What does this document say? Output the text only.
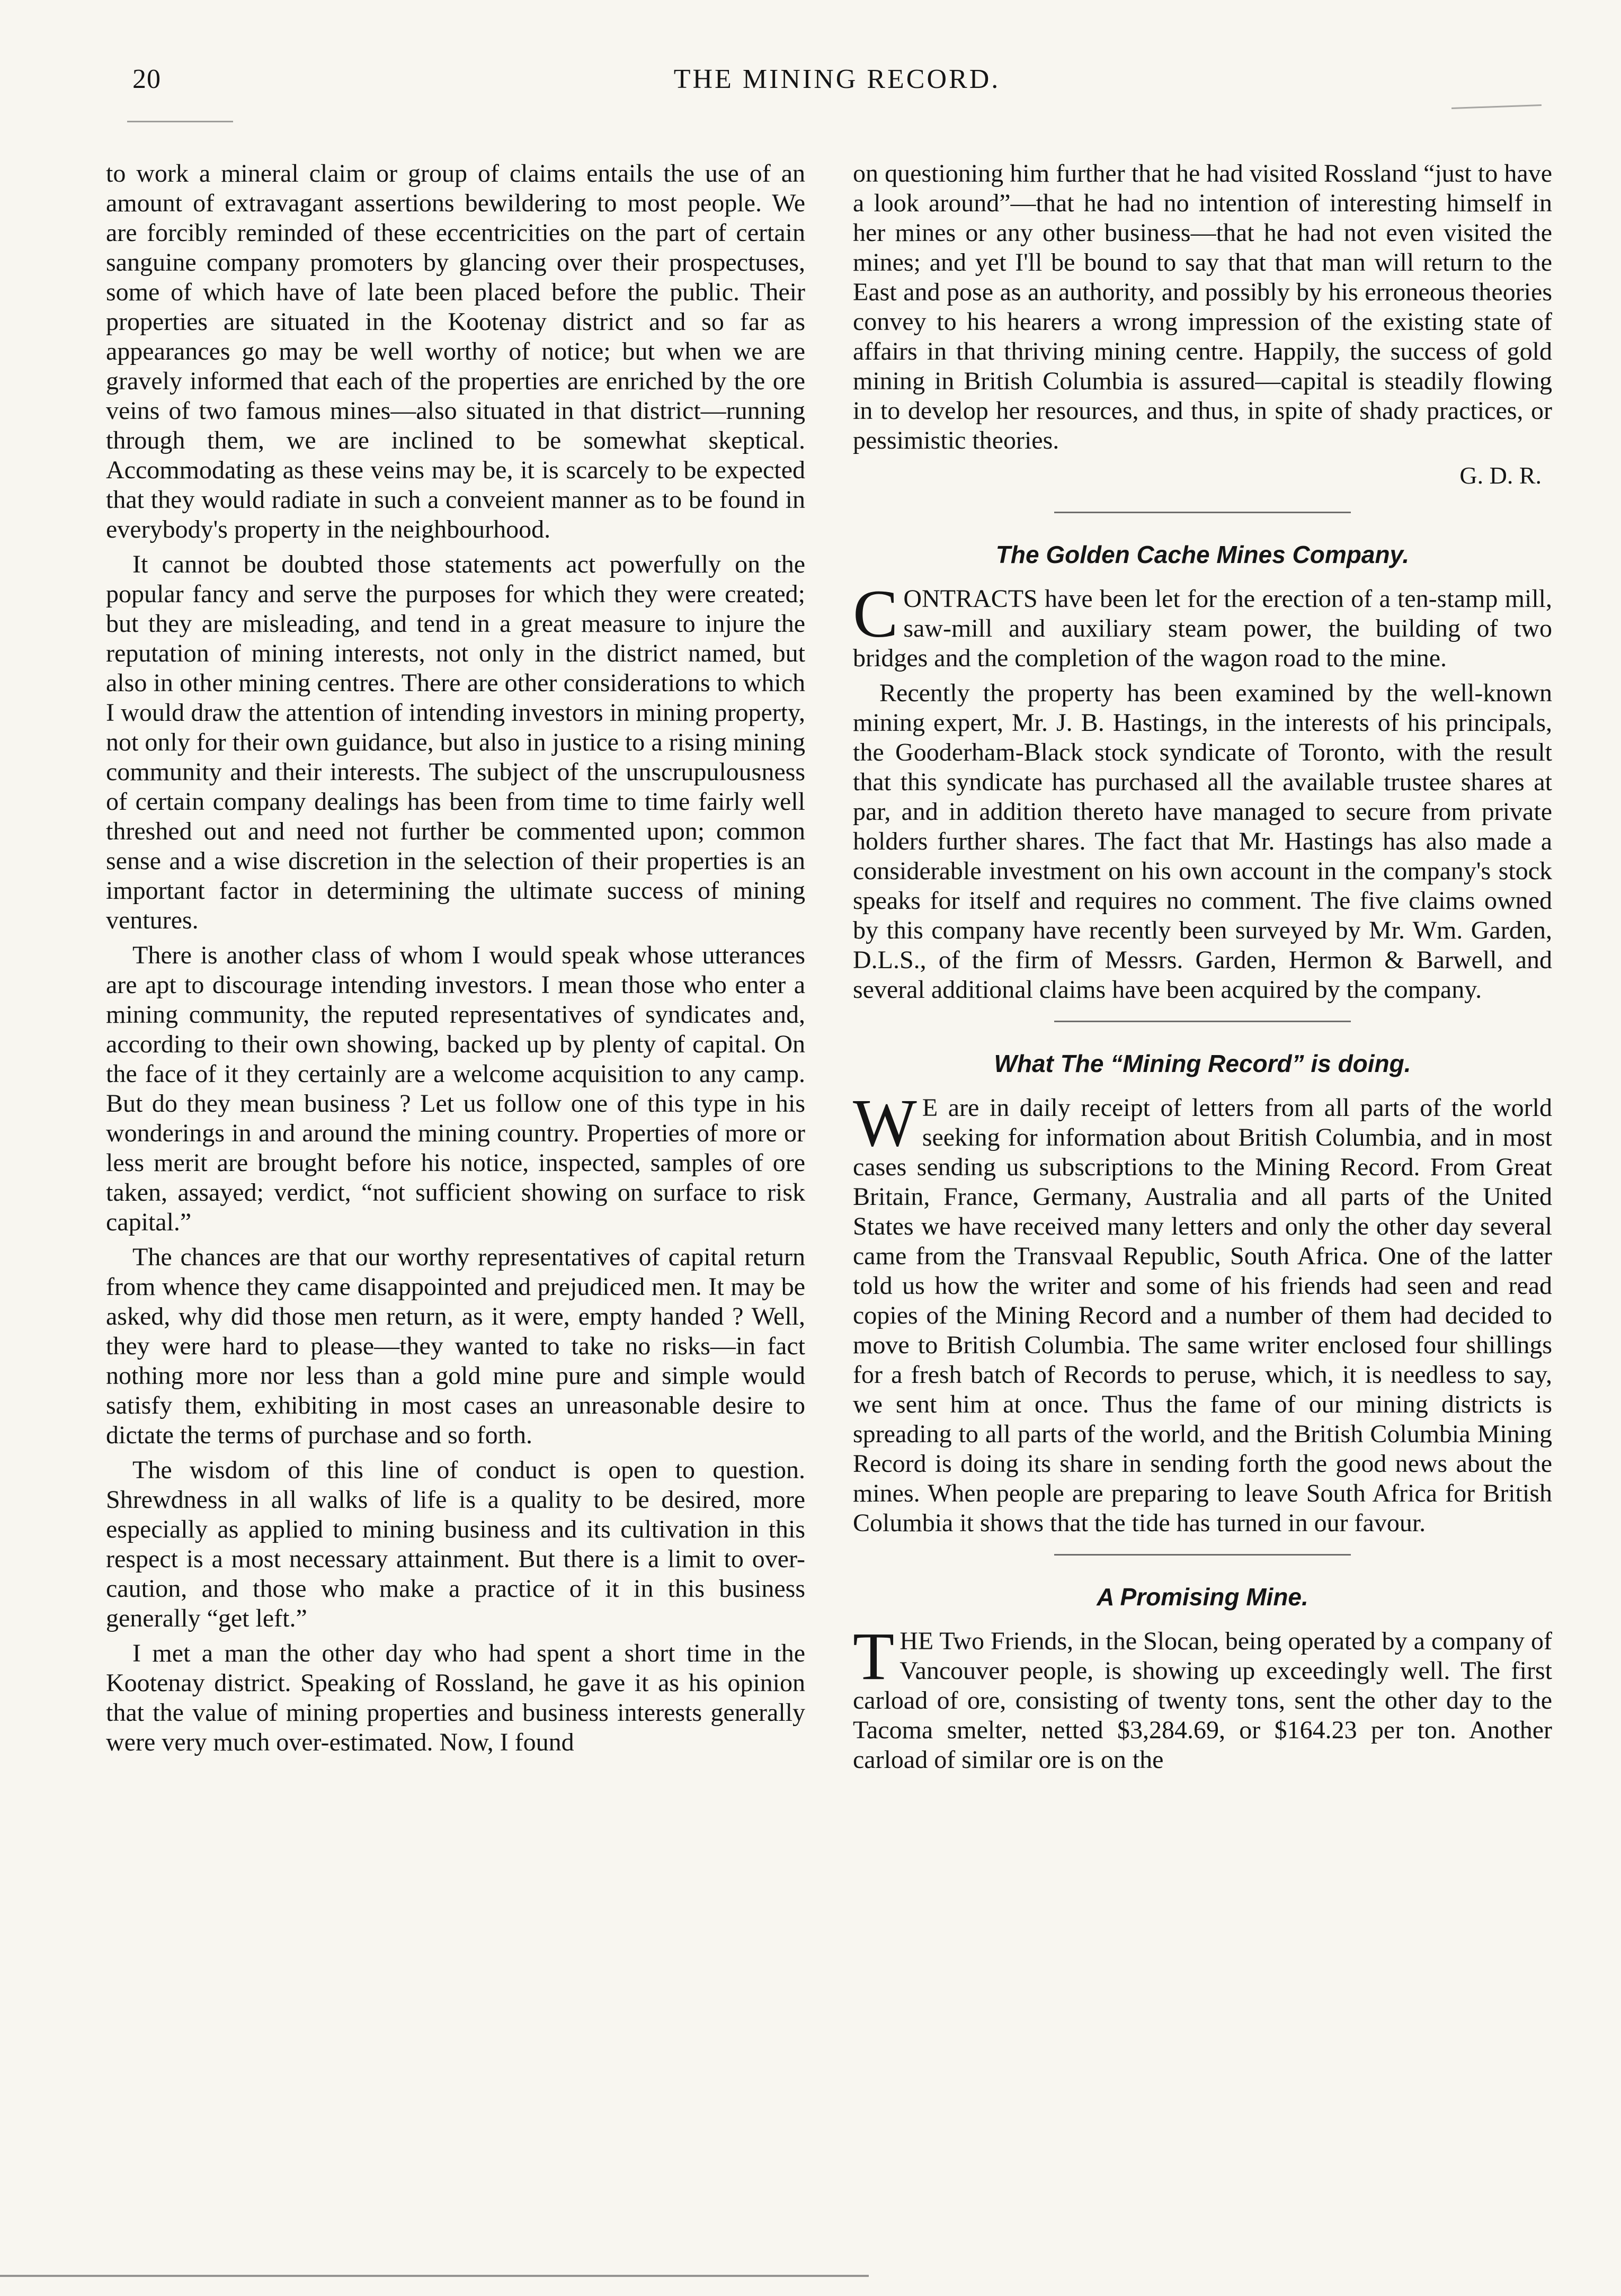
20	THE MINING RECORD.

to work a mineral claim or group of claims entails the use of an amount of extravagant assertions bewildering to most people. We are forcibly reminded of these eccentricities on the part of certain sanguine company promoters by glancing over their prospectuses, some of which have of late been placed before the public. Their properties are situated in the Kootenay district and so far as appearances go may be well worthy of notice; but when we are gravely informed that each of the properties are enriched by the ore veins of two famous mines—also situated in that district—running through them, we are inclined to be somewhat skeptical. Accommodating as these veins may be, it is scarcely to be expected that they would radiate in such a conveient manner as to be found in everybody's property in the neighbourhood.

It cannot be doubted those statements act powerfully on the popular fancy and serve the purposes for which they were created; but they are misleading, and tend in a great measure to injure the reputation of mining interests, not only in the district named, but also in other mining centres. There are other considerations to which I would draw the attention of intending investors in mining property, not only for their own guidance, but also in justice to a rising mining community and their interests. The subject of the unscrupulousness of certain company dealings has been from time to time fairly well threshed out and need not further be commented upon; common sense and a wise discretion in the selection of their properties is an important factor in determining the ultimate success of mining ventures.

There is another class of whom I would speak whose utterances are apt to discourage intending investors. I mean those who enter a mining community, the reputed representatives of syndicates and, according to their own showing, backed up by plenty of capital. On the face of it they certainly are a welcome acquisition to any camp. But do they mean business ? Let us follow one of this type in his wonderings in and around the mining country. Properties of more or less merit are brought before his notice, inspected, samples of ore taken, assayed; verdict, “not sufficient showing on surface to risk capital.”

The chances are that our worthy representatives of capital return from whence they came disappointed and prejudiced men. It may be asked, why did those men return, as it were, empty handed ? Well, they were hard to please—they wanted to take no risks—in fact nothing more nor less than a gold mine pure and simple would satisfy them, exhibiting in most cases an unreasonable desire to dictate the terms of purchase and so forth.

The wisdom of this line of conduct is open to question. Shrewdness in all walks of life is a quality to be desired, more especially as applied to mining business and its cultivation in this respect is a most necessary attainment. But there is a limit to over-caution, and those who make a practice of it in this business generally “get left.”

I met a man the other day who had spent a short time in the Kootenay district. Speaking of Rossland, he gave it as his opinion that the value of mining properties and business interests generally were very much over-estimated. Now, I found

on questioning him further that he had visited Rossland “just to have a look around”—that he had no intention of interesting himself in her mines or any other business—that he had not even visited the mines; and yet I'll be bound to say that that man will return to the East and pose as an authority, and possibly by his erroneous theories convey to his hearers a wrong impression of the existing state of affairs in that thriving mining centre. Happily, the success of gold mining in British Columbia is assured—capital is steadily flowing in to develop her resources, and thus, in spite of shady practices, or pessimistic theories.

G. D. R.
The Golden Cache Mines Company.

CONTRACTS have been let for the erection of a ten-stamp mill, saw-mill and auxiliary steam power, the building of two bridges and the completion of the wagon road to the mine.

Recently the property has been examined by the well-known mining expert, Mr. J. B. Hastings, in the interests of his principals, the Gooderham-Black stock syndicate of Toronto, with the result that this syndicate has purchased all the available trustee shares at par, and in addition thereto have managed to secure from private holders further shares. The fact that Mr. Hastings has also made a considerable investment on his own account in the company's stock speaks for itself and requires no comment. The five claims owned by this company have recently been surveyed by Mr. Wm. Garden, D.L.S., of the firm of Messrs. Garden, Hermon & Barwell, and several additional claims have been acquired by the company.

What The “Mining Record” is doing.

W E are in daily receipt of letters from all parts of the world seeking for information about British Columbia, and in most cases sending us subscriptions to the Mining Record. From Great Britain, France, Germany, Australia and all parts of the United States we have received many letters and only the other day several came from the Transvaal Republic, South Africa. One of the latter told us how the writer and some of his friends had seen and read copies of the Mining Record and a number of them had decided to move to British Columbia. The same writer enclosed four shillings for a fresh batch of Records to peruse, which, it is needless to say, we sent him at once. Thus the fame of our mining districts is spreading to all parts of the world, and the British Columbia Mining Record is doing its share in sending forth the good news about the mines. When people are preparing to leave South Africa for British Columbia it shows that the tide has turned in our favour.

A Promising Mine.

THE Two Friends, in the Slocan, being operated by a company of Vancouver people, is showing up exceedingly well. The first carload of ore, consisting of twenty tons, sent the other day to the Tacoma smelter, netted $3,284.69, or $164.23 per ton. Another carload of similar ore is on the
